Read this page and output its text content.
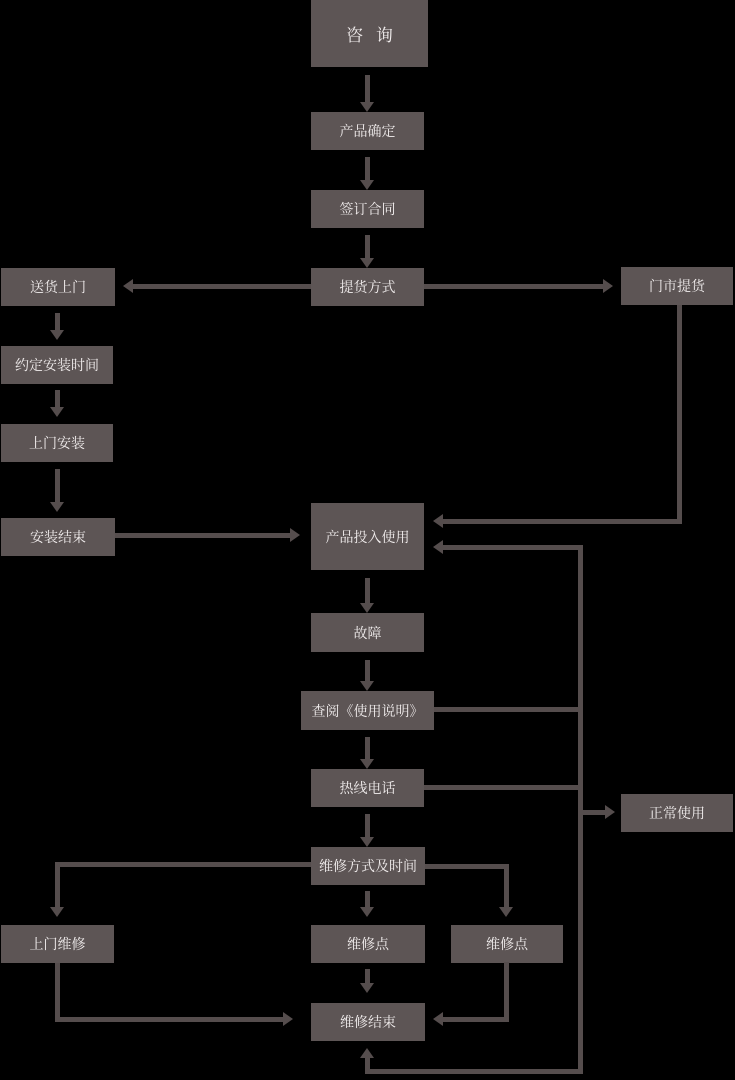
咨 询
产品确定
签订合同
提货方式
送货上门	门市提货
约定安装时间
上门安装
安装结束	产品投入使用
故障
查阅《使用说明》
热线电话
正常使用
维修方式及时间
上门维修	维修点	维修点
维修结束
